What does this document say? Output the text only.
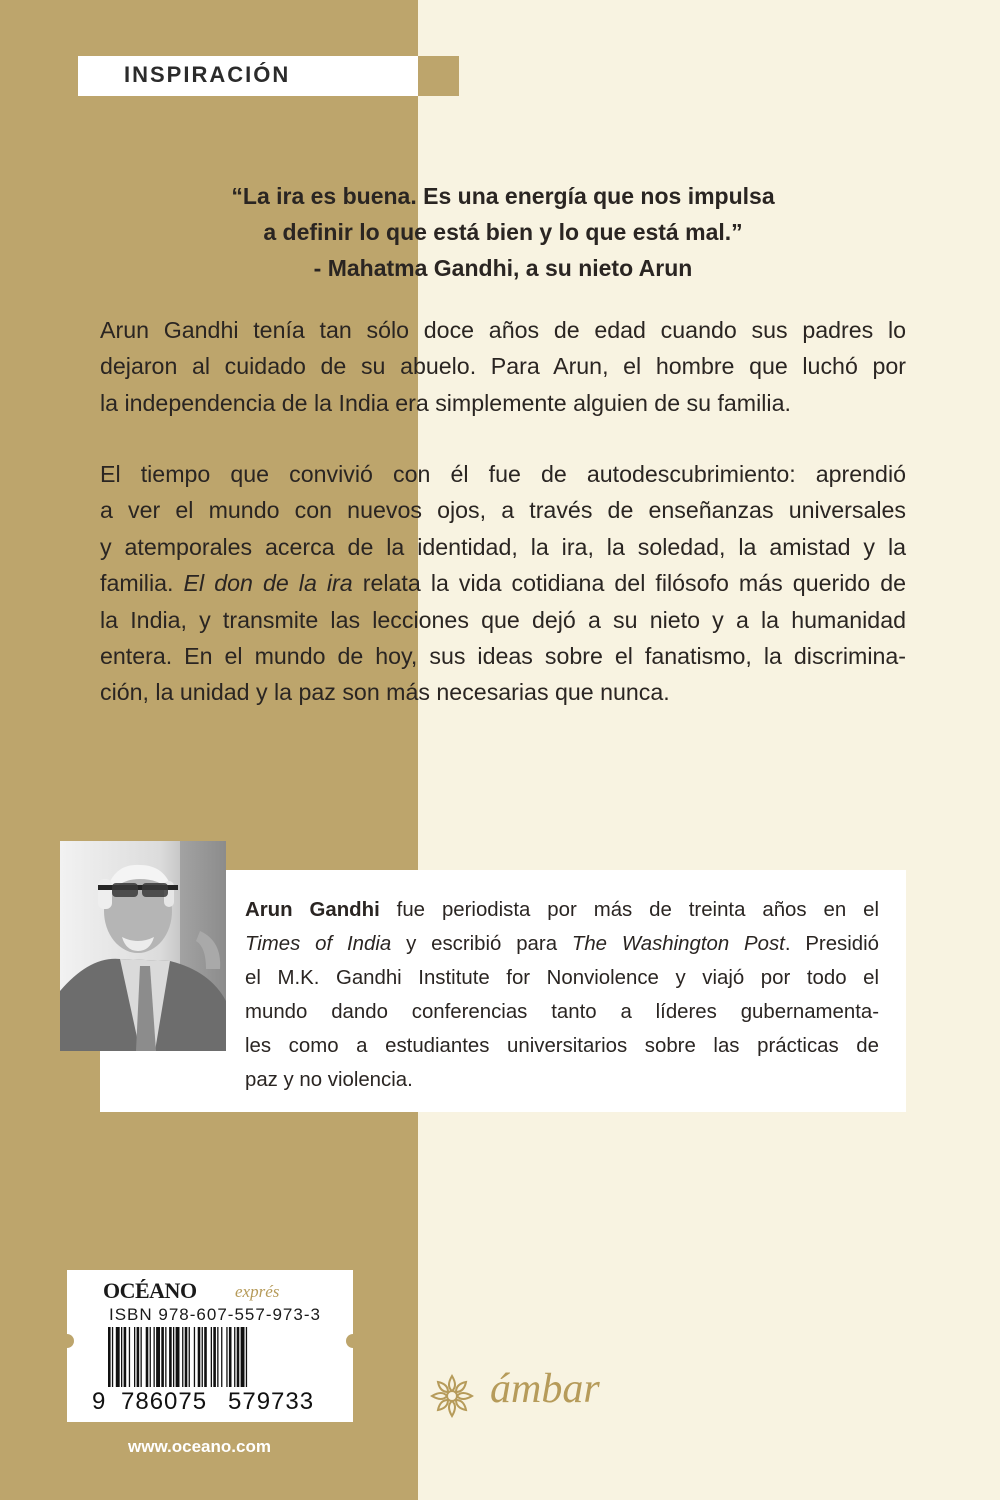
INSPIRACIÓN
“La ira es buena. Es una energía que nos impulsa
a definir lo que está bien y lo que está mal.”
- Mahatma Gandhi, a su nieto Arun
Arun Gandhi tenía tan sólo doce años de edad cuando sus padres lo
dejaron al cuidado de su abuelo. Para Arun, el hombre que luchó por
la independencia de la India era simplemente alguien de su familia.
El tiempo que convivió con él fue de autodescubrimiento: aprendió
a ver el mundo con nuevos ojos, a través de enseñanzas universales
y atemporales acerca de la identidad, la ira, la soledad, la amistad y la
familia. El don de la ira relata la vida cotidiana del filósofo más querido de
la India, y transmite las lecciones que dejó a su nieto y a la humanidad
entera. En el mundo de hoy, sus ideas sobre el fanatismo, la discrimina-
ción, la unidad y la paz son más necesarias que nunca.
Arun Gandhi fue periodista por más de treinta años en el
Times of India y escribió para The Washington Post. Presidió
el M.K. Gandhi Institute for Nonviolence y viajó por todo el
mundo dando conferencias tanto a líderes gubernamenta-
les como a estudiantes universitarios sobre las prácticas de
paz y no violencia.
OCÉANO exprés
ISBN 978-607-557-973-3
9 786075 579733
www.oceano.com
ámbar
